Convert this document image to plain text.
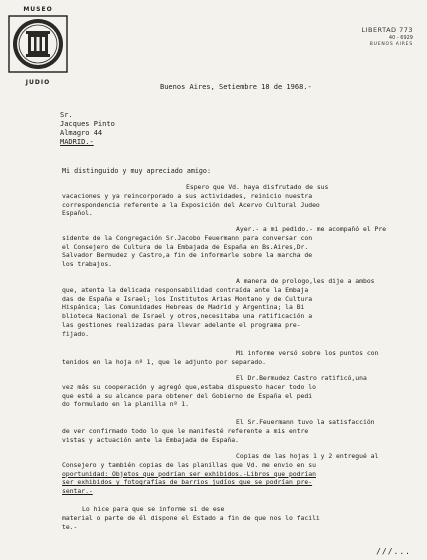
MUSEO
JUDIO
LIBERTAD 773
40 - 6929
BUENOS AIRES
Buenos Aires, Setiembre 18 de 1968.-
Sr.
Jacques Pinto
Almagro 44
MADRID.-
Mi distinguido y muy apreciado amigo:
Espero que Vd. haya disfrutado de sus
vacaciones y ya reincorporado a sus actividades, reinicio nuestra
correspondencia referente a la Exposición del Acervo Cultural Judeo
Español.
Ayer.- a mi pedido.- me acompañó el Pre
sidente de la Congregación Sr.Jacobo Feuermann para conversar con
el Consejero de Cultura de la Embajada de España en Bs.Aires,Dr.
Salvador Bermudez y Castro,a fin de informarle sobre la marcha de
los trabajos.
A manera de prologo,les dije a ambos
que, atenta la delicada responsabilidad contraída ante la Embaja
das de España e Israel; los Institutos Arias Montano y de Cultura
Hispánica; las Comunidades Hebreas de Madrid y Argentina; la Bi
blioteca Nacional de Israel y otros,necesitaba una ratificación a
las gestiones realizadas para llevar adelante el programa pre-
fijado.
Mi informe versó sobre los puntos con
tenidos en la hoja nº 1, que le adjunto por separado.
El Dr.Bermudez Castro ratificó,una
vez más su cooperación y agregó que,estaba dispuesto hacer todo lo
que esté a su alcance para obtener del Gobierno de España el pedi
do formulado en la planilla nº 1.
El Sr.Feuermann tuvo la satisfacción
de ver confirmado todo lo que le manifesté referente a mis entre
vistas y actuación ante la Embajada de España.
Copias de las hojas 1 y 2 entregué al
Consejero y también copias de las planillas que Vd. me envio en su
oportunidad: Objetos que podrían ser exhibidos.-Libros que podrían
ser exhibidos y fotografías de barrios judíos que se podrían pre-
sentar.-
Lo hice para que se informe si de ese
material o parte de él dispone el Estado a fin de que nos lo facili
te.-
///...
